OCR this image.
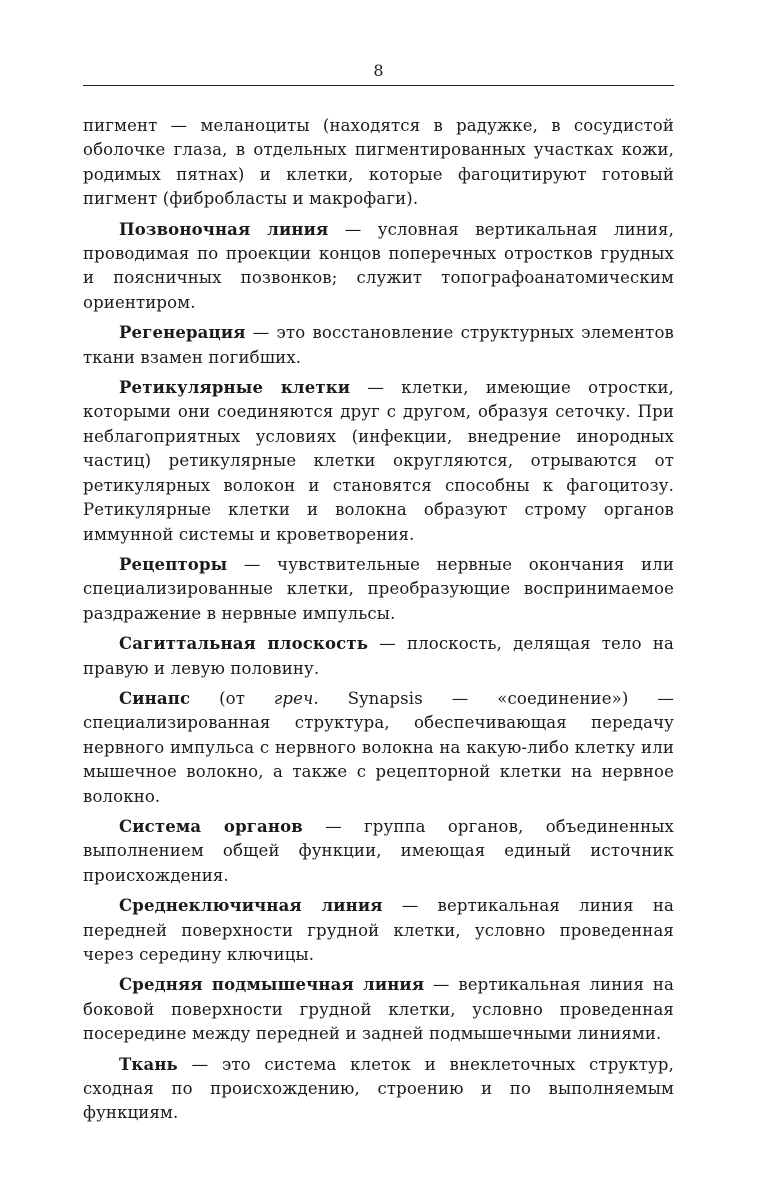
8

пигмент — меланоциты (находятся в радужке, в сосудистой оболочке глаза, в отдельных пигментированных участках кожи, родимых пятнах) и клетки, которые фагоцитируют готовый пигмент (фибробласты и макрофаги).

Позвоночная линия — условная вертикальная линия, проводимая по проекции концов поперечных отростков грудных и поясничных позвонков; служит топографоанатомическим ориентиром.

Регенерация — это восстановление структурных элементов ткани взамен погибших.

Ретикулярные клетки — клетки, имеющие отростки, которыми они соединяются друг с другом, образуя сеточку. При неблагоприятных условиях (инфекции, внедрение инородных частиц) ретикулярные клетки округляются, отрываются от ретикулярных волокон и становятся способны к фагоцитозу. Ретикулярные клетки и волокна образуют строму органов иммунной системы и кроветворения.

Рецепторы — чувствительные нервные окончания или специализированные клетки, преобразующие воспринимаемое раздражение в нервные импульсы.

Сагиттальная плоскость — плоскость, делящая тело на правую и левую половину.

Синапс (от греч. Synapsis — «соединение») — специализированная структура, обеспечивающая передачу нервного импульса с нервного волокна на какую-либо клетку или мышечное волокно, а также с рецепторной клетки на нервное волокно.

Система органов — группа органов, объединенных выполнением общей функции, имеющая единый источник происхождения.

Среднеключичная линия — вертикальная линия на передней поверхности грудной клетки, условно проведенная через середину ключицы.

Средняя подмышечная линия — вертикальная линия на боковой поверхности грудной клетки, условно проведенная посередине между передней и задней подмышечными линиями.

Ткань — это система клеток и внеклеточных структур, сходная по происхождению, строению и по выполняемым функциям.
